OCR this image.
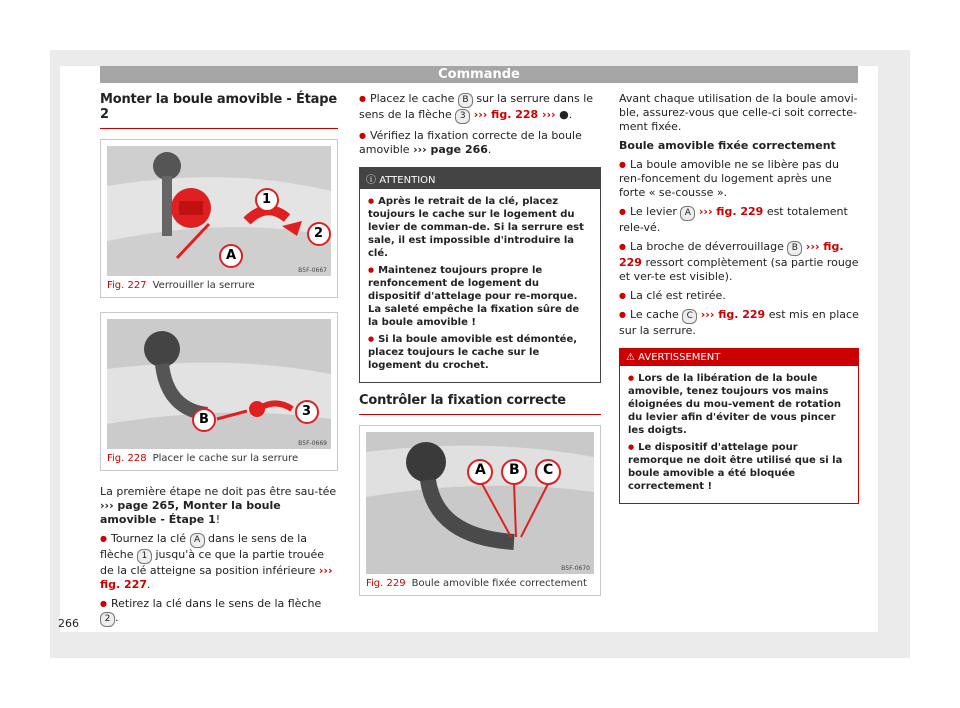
Commande
Monter la boule amovible - Étape 2
1
2
A
B5F-0667
Fig. 227 Verrouiller la serrure
B
3
B5F-0669
Fig. 228 Placer le cache sur la serrure

La première étape ne doit pas être sau-tée ››› page 265, Monter la boule amovible - Étape 1!

● Tournez la clé A dans le sens de la flèche 1 jusqu'à ce que la partie trouée de la clé atteigne sa position inférieure ››› fig. 227.
● Retirez la clé dans le sens de la flèche 2 .
● Placez le cache B sur la serrure dans le sens de la flèche 3 ››› fig. 228 ››› ●.
● Vérifiez la fixation correcte de la boule amovible ››› page 266.
ⓘ ATTENTION
● Après le retrait de la clé, placez toujours le cache sur le logement du levier de comman-de. Si la serrure est sale, il est impossible d'introduire la clé.
● Maintenez toujours propre le renfoncement de logement du dispositif d'attelage pour re-morque. La saleté empêche la fixation sûre de la boule amovible !
● Si la boule amovible est démontée, placez toujours le cache sur le logement du crochet.
Contrôler la fixation correcte
A B C
B5F-0670
Fig. 229 Boule amovible fixée correctement

Avant chaque utilisation de la boule amovi-ble, assurez-vous que celle-ci soit correcte-ment fixée.

Boule amovible fixée correctement

● La boule amovible ne se libère pas du ren-foncement du logement après une forte « se-cousse ».
● Le levier A ››› fig. 229 est totalement rele-vé.
● La broche de déverrouillage B ››› fig. 229 ressort complètement (sa partie rouge et ver-te est visible).
● La clé est retirée.
● Le cache C ››› fig. 229 est mis en place sur la serrure.
⚠ AVERTISSEMENT
● Lors de la libération de la boule amovible, tenez toujours vos mains éloignées du mou-vement de rotation du levier afin d'éviter de vous pincer les doigts.
● Le dispositif d'attelage pour remorque ne doit être utilisé que si la boule amovible a été bloquée correctement !
266
